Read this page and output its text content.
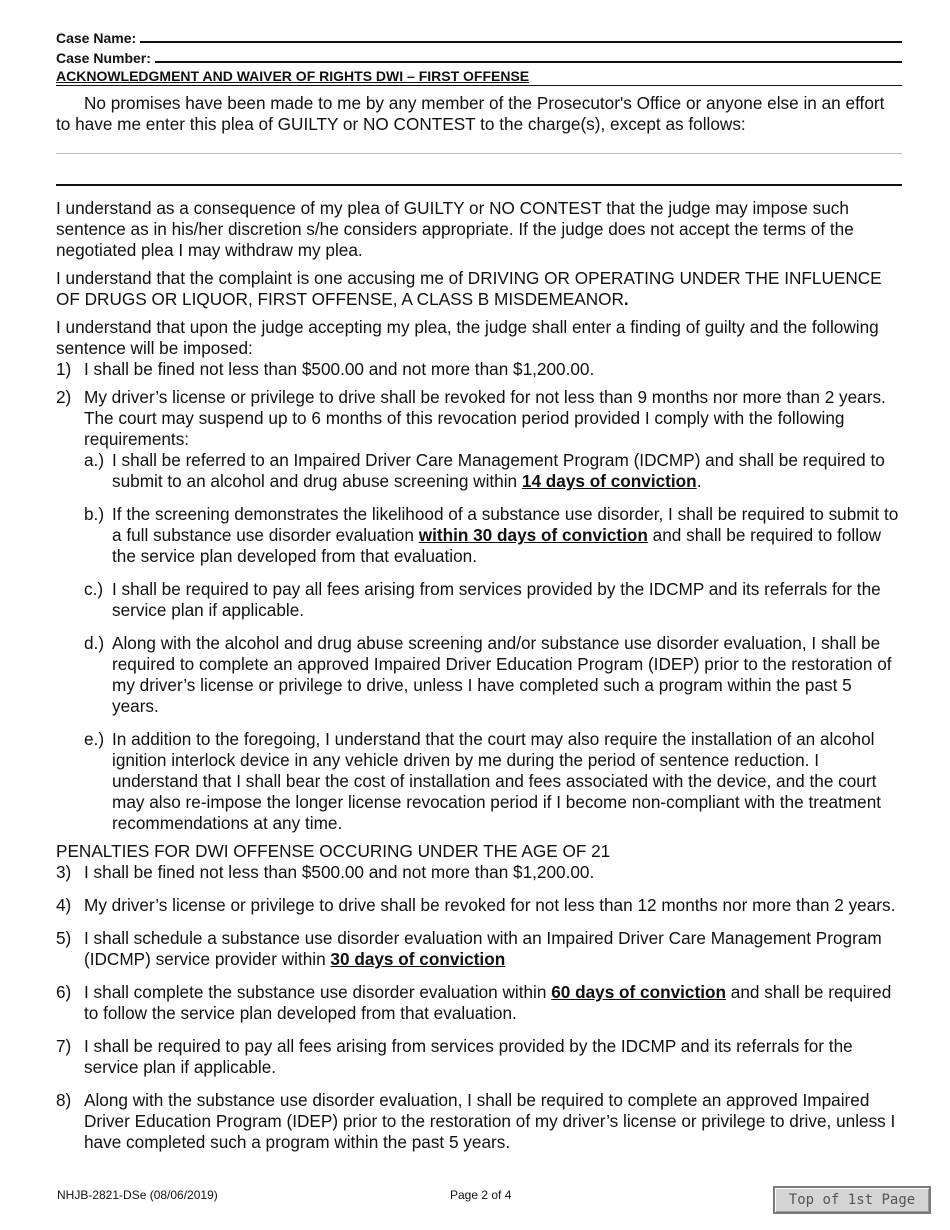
Case Name:
Case Number:
ACKNOWLEDGMENT AND WAIVER OF RIGHTS DWI – FIRST OFFENSE

No promises have been made to me by any member of the Prosecutor's Office or anyone else in an effort to have me enter this plea of GUILTY or NO CONTEST to the charge(s), except as follows:

I understand as a consequence of my plea of GUILTY or NO CONTEST that the judge may impose such sentence as in his/her discretion s/he considers appropriate. If the judge does not accept the terms of the negotiated plea I may withdraw my plea.

I understand that the complaint is one accusing me of DRIVING OR OPERATING UNDER THE INFLUENCE OF DRUGS OR LIQUOR, FIRST OFFENSE, A CLASS B MISDEMEANOR.

I understand that upon the judge accepting my plea, the judge shall enter a finding of guilty and the following sentence will be imposed:

1) I shall be fined not less than $500.00 and not more than $1,200.00.
2) My driver’s license or privilege to drive shall be revoked for not less than 9 months nor more than 2 years. The court may suspend up to 6 months of this revocation period provided I comply with the following requirements:
a.) I shall be referred to an Impaired Driver Care Management Program (IDCMP) and shall be required to submit to an alcohol and drug abuse screening within 14 days of conviction.
b.) If the screening demonstrates the likelihood of a substance use disorder, I shall be required to submit to a full substance use disorder evaluation within 30 days of conviction and shall be required to follow the service plan developed from that evaluation.
c.) I shall be required to pay all fees arising from services provided by the IDCMP and its referrals for the service plan if applicable.
d.) Along with the alcohol and drug abuse screening and/or substance use disorder evaluation, I shall be required to complete an approved Impaired Driver Education Program (IDEP) prior to the restoration of my driver’s license or privilege to drive, unless I have completed such a program within the past 5 years.
e.) In addition to the foregoing, I understand that the court may also require the installation of an alcohol ignition interlock device in any vehicle driven by me during the period of sentence reduction. I understand that I shall bear the cost of installation and fees associated with the device, and the court may also re-impose the longer license revocation period if I become non-compliant with the treatment recommendations at any time.

PENALTIES FOR DWI OFFENSE OCCURING UNDER THE AGE OF 21

3) I shall be fined not less than $500.00 and not more than $1,200.00.
4) My driver’s license or privilege to drive shall be revoked for not less than 12 months nor more than 2 years.
5) I shall schedule a substance use disorder evaluation with an Impaired Driver Care Management Program (IDCMP) service provider within 30 days of conviction
6) I shall complete the substance use disorder evaluation within 60 days of conviction and shall be required to follow the service plan developed from that evaluation.
7) I shall be required to pay all fees arising from services provided by the IDCMP and its referrals for the service plan if applicable.
8) Along with the substance use disorder evaluation, I shall be required to complete an approved Impaired Driver Education Program (IDEP) prior to the restoration of my driver’s license or privilege to drive, unless I have completed such a program within the past 5 years.
NHJB-2821-DSe (08/06/2019)	Page 2 of 4	Top of 1st Page
